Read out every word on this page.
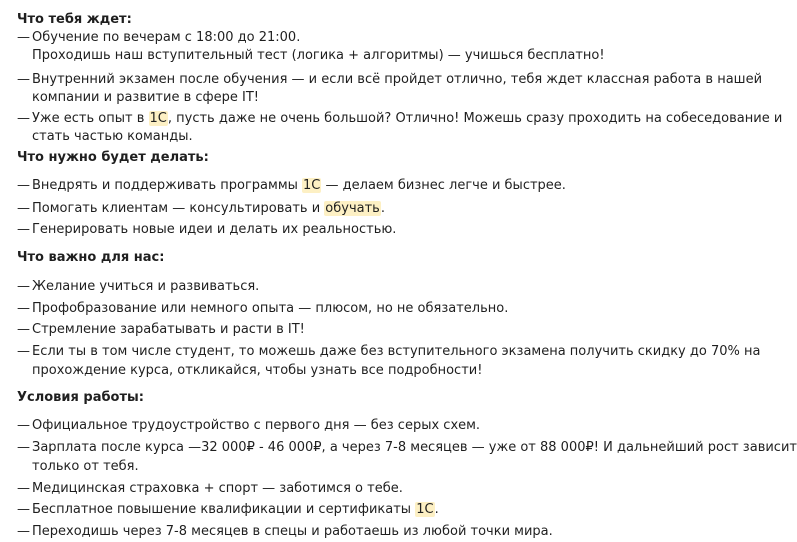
Что тебя ждет:
— Обучение по вечерам с 18:00 до 21:00.
Проходишь наш вступительный тест (логика + алгоритмы) — учишься бесплатно!
— Внутренний экзамен после обучения — и если всё пройдет отлично, тебя ждет классная работа в нашей
компании и развитие в сфере IT!
— Уже есть опыт в 1С, пусть даже не очень большой? Отлично! Можешь сразу проходить на собеседование и
стать частью команды.
Что нужно будет делать:
— Внедрять и поддерживать программы 1С — делаем бизнес легче и быстрее.
— Помогать клиентам — консультировать и обучать.
— Генерировать новые идеи и делать их реальностью.
Что важно для нас:
— Желание учиться и развиваться.
— Профобразование или немного опыта — плюсом, но не обязательно.
— Стремление зарабатывать и расти в IT!
— Если ты в том числе студент, то можешь даже без вступительного экзамена получить скидку до 70% на
прохождение курса, откликайся, чтобы узнать все подробности!
Условия работы:
— Официальное трудоустройство с первого дня — без серых схем.
— Зарплата после курса —32 000₽ - 46 000₽, а через 7-8 месяцев — уже от 88 000₽! И дальнейший рост зависит
только от тебя.
— Медицинская страховка + спорт — заботимся о тебе.
— Бесплатное повышение квалификации и сертификаты 1С.
— Переходишь через 7-8 месяцев в спецы и работаешь из любой точки мира.
